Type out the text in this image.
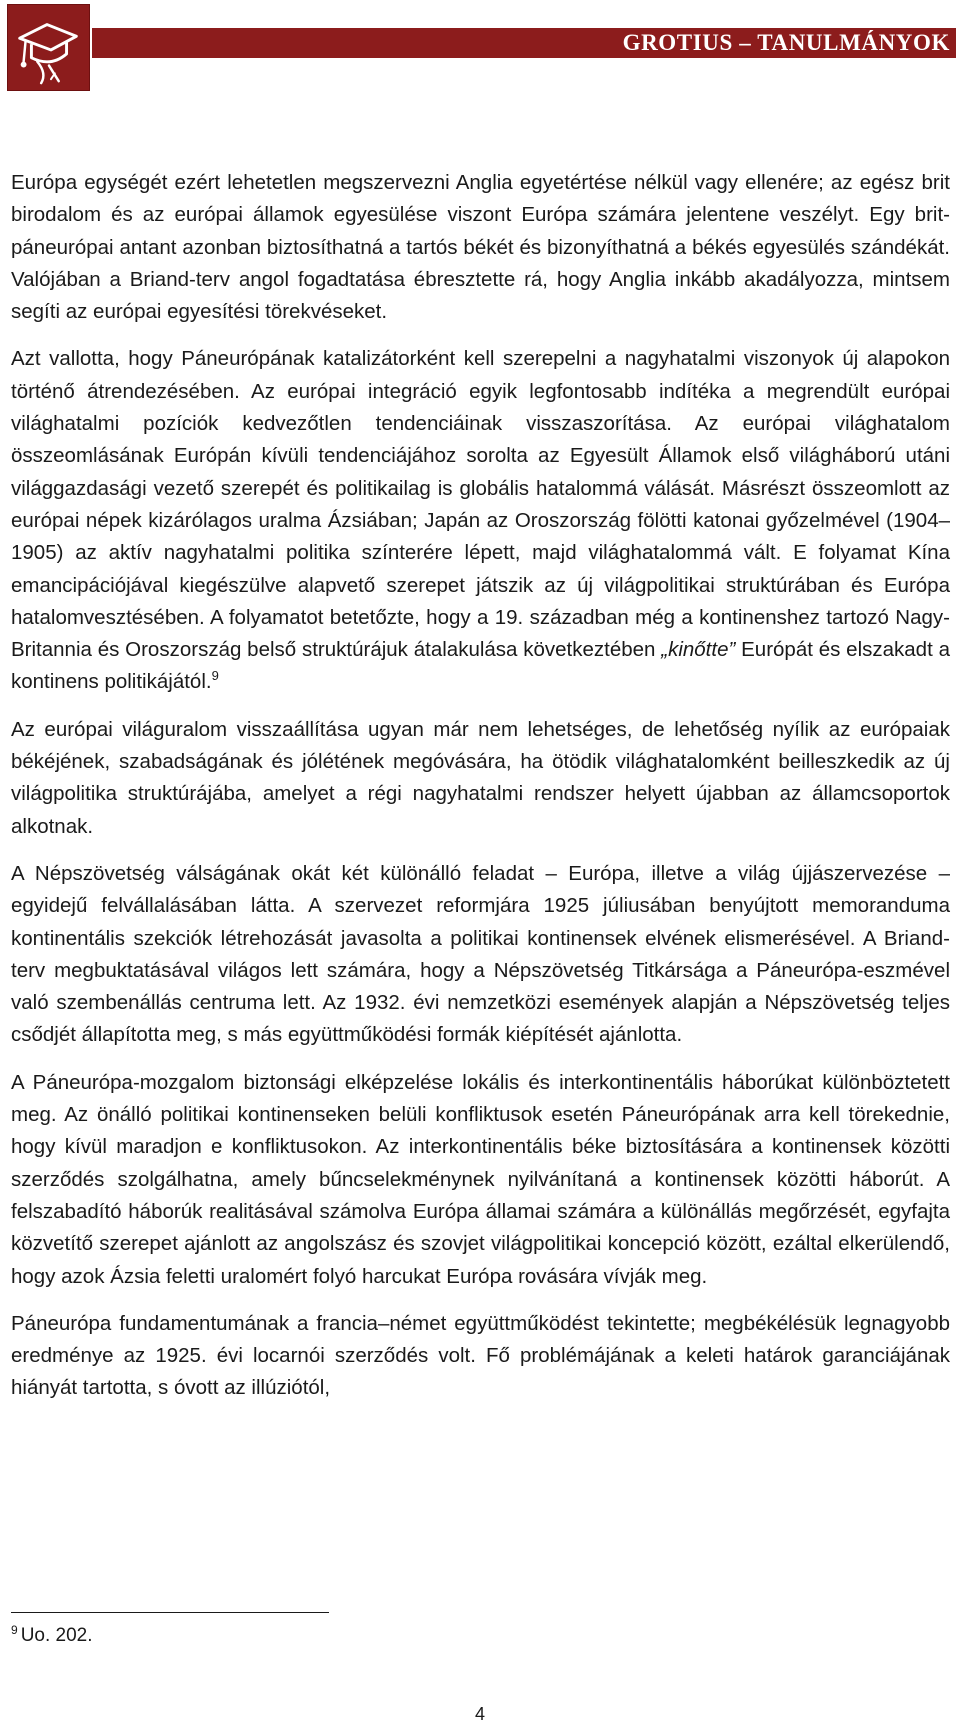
GROTIUS – TANULMÁNYOK

Európa egységét ezért lehetetlen megszervezni Anglia egyetértése nélkül vagy ellenére; az egész brit birodalom és az európai államok egyesülése viszont Európa számára jelentene veszélyt. Egy brit-páneurópai antant azonban biztosíthatná a tartós békét és bizonyíthatná a békés egyesülés szándékát. Valójában a Briand-terv angol fogadtatása ébresztette rá, hogy Anglia inkább akadályozza, mintsem segíti az európai egyesítési törekvéseket.

Azt vallotta, hogy Páneurópának katalizátorként kell szerepelni a nagyhatalmi viszonyok új alapokon történő átrendezésében. Az európai integráció egyik legfontosabb indítéka a megrendült európai világhatalmi pozíciók kedvezőtlen tendenciáinak visszaszorítása. Az európai világhatalom összeomlásának Európán kívüli tendenciájához sorolta az Egyesült Államok első világháború utáni világgazdasági vezető szerepét és politikailag is globális hatalommá válását. Másrészt összeomlott az európai népek kizárólagos uralma Ázsiában; Japán az Oroszország fölötti katonai győzelmével (1904–1905) az aktív nagyhatalmi politika színterére lépett, majd világhatalommá vált. E folyamat Kína emancipációjával kiegészülve alapvető szerepet játszik az új világpolitikai struktúrában és Európa hatalomvesztésében. A folyamatot betetőzte, hogy a 19. században még a kontinenshez tartozó Nagy-Britannia és Oroszország belső struktúrájuk átalakulása következtében „kinőtte” Európát és elszakadt a kontinens politikájától.$^9$

Az európai világuralom visszaállítása ugyan már nem lehetséges, de lehetőség nyílik az európaiak békéjének, szabadságának és jólétének megóvására, ha ötödik világhatalomként beilleszkedik az új világpolitika struktúrájába, amelyet a régi nagyhatalmi rendszer helyett újabban az államcsoportok alkotnak.

A Népszövetség válságának okát két különálló feladat – Európa, illetve a világ újjászervezése – egyidejű felvállalásában látta. A szervezet reformjára 1925 júliusában benyújtott memoranduma kontinentális szekciók létrehozását javasolta a politikai kontinensek elvének elismerésével. A Briand-terv megbuktatásával világos lett számára, hogy a Népszövetség Titkársága a Páneurópa-eszmével való szembenállás centruma lett. Az 1932. évi nemzetközi események alapján a Népszövetség teljes csődjét állapította meg, s más együttműködési formák kiépítését ajánlotta.

A Páneurópa-mozgalom biztonsági elképzelése lokális és interkontinentális háborúkat különböztetett meg. Az önálló politikai kontinenseken belüli konfliktusok esetén Páneurópának arra kell törekednie, hogy kívül maradjon e konfliktusokon. Az interkontinentális béke biztosítására a kontinensek közötti szerződés szolgálhatna, amely bűncselekménynek nyilvánítaná a kontinensek közötti háborút. A felszabadító háborúk realitásával számolva Európa államai számára a különállás megőrzését, egyfajta közvetítő szerepet ajánlott az angolszász és szovjet világpolitikai koncepció között, ezáltal elkerülendő, hogy azok Ázsia feletti uralomért folyó harcukat Európa rovására vívják meg.

Páneurópa fundamentumának a francia–német együttműködést tekintette; megbékélésük legnagyobb eredménye az 1925. évi locarnói szerződés volt. Fő problémájának a keleti határok garanciájának hiányát tartotta, s óvott az illúziótól,

$^9$ Uo. 202.
4
